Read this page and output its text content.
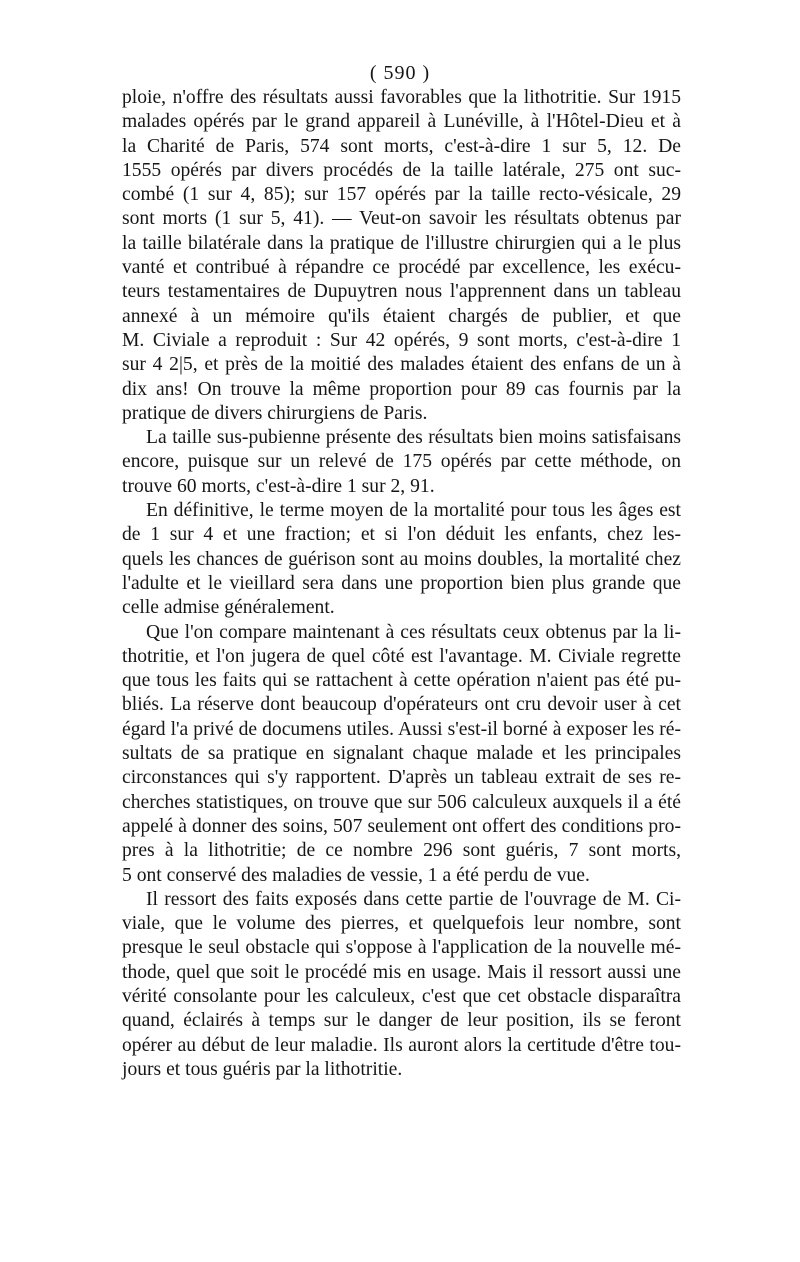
( 590 )

ploie, n'offre des résultats aussi favorables que la lithotritie. Sur 1915
malades opérés par le grand appareil à Lunéville, à l'Hôtel-Dieu et à
la Charité de Paris, 574 sont morts, c'est-à-dire 1 sur 5, 12. De
1555 opérés par divers procédés de la taille latérale, 275 ont suc-
combé (1 sur 4, 85); sur 157 opérés par la taille recto-vésicale, 29
sont morts (1 sur 5, 41). — Veut-on savoir les résultats obtenus par
la taille bilatérale dans la pratique de l'illustre chirurgien qui a le plus
vanté et contribué à répandre ce procédé par excellence, les exécu-
teurs testamentaires de Dupuytren nous l'apprennent dans un tableau
annexé à un mémoire qu'ils étaient chargés de publier, et que
M. Civiale a reproduit : Sur 42 opérés, 9 sont morts, c'est-à-dire 1
sur 4 2|5, et près de la moitié des malades étaient des enfans de un à
dix ans! On trouve la même proportion pour 89 cas fournis par la
pratique de divers chirurgiens de Paris.

La taille sus-pubienne présente des résultats bien moins satisfaisans
encore, puisque sur un relevé de 175 opérés par cette méthode, on
trouve 60 morts, c'est-à-dire 1 sur 2, 91.

En définitive, le terme moyen de la mortalité pour tous les âges est
de 1 sur 4 et une fraction; et si l'on déduit les enfants, chez les-
quels les chances de guérison sont au moins doubles, la mortalité chez
l'adulte et le vieillard sera dans une proportion bien plus grande que
celle admise généralement.

Que l'on compare maintenant à ces résultats ceux obtenus par la li-
thotritie, et l'on jugera de quel côté est l'avantage. M. Civiale regrette
que tous les faits qui se rattachent à cette opération n'aient pas été pu-
bliés. La réserve dont beaucoup d'opérateurs ont cru devoir user à cet
égard l'a privé de documens utiles. Aussi s'est-il borné à exposer les ré-
sultats de sa pratique en signalant chaque malade et les principales
circonstances qui s'y rapportent. D'après un tableau extrait de ses re-
cherches statistiques, on trouve que sur 506 calculeux auxquels il a été
appelé à donner des soins, 507 seulement ont offert des conditions pro-
pres à la lithotritie; de ce nombre 296 sont guéris, 7 sont morts,
5 ont conservé des maladies de vessie, 1 a été perdu de vue.

Il ressort des faits exposés dans cette partie de l'ouvrage de M. Ci-
viale, que le volume des pierres, et quelquefois leur nombre, sont
presque le seul obstacle qui s'oppose à l'application de la nouvelle mé-
thode, quel que soit le procédé mis en usage. Mais il ressort aussi une
vérité consolante pour les calculeux, c'est que cet obstacle disparaîtra
quand, éclairés à temps sur le danger de leur position, ils se feront
opérer au début de leur maladie. Ils auront alors la certitude d'être tou-
jours et tous guéris par la lithotritie.
